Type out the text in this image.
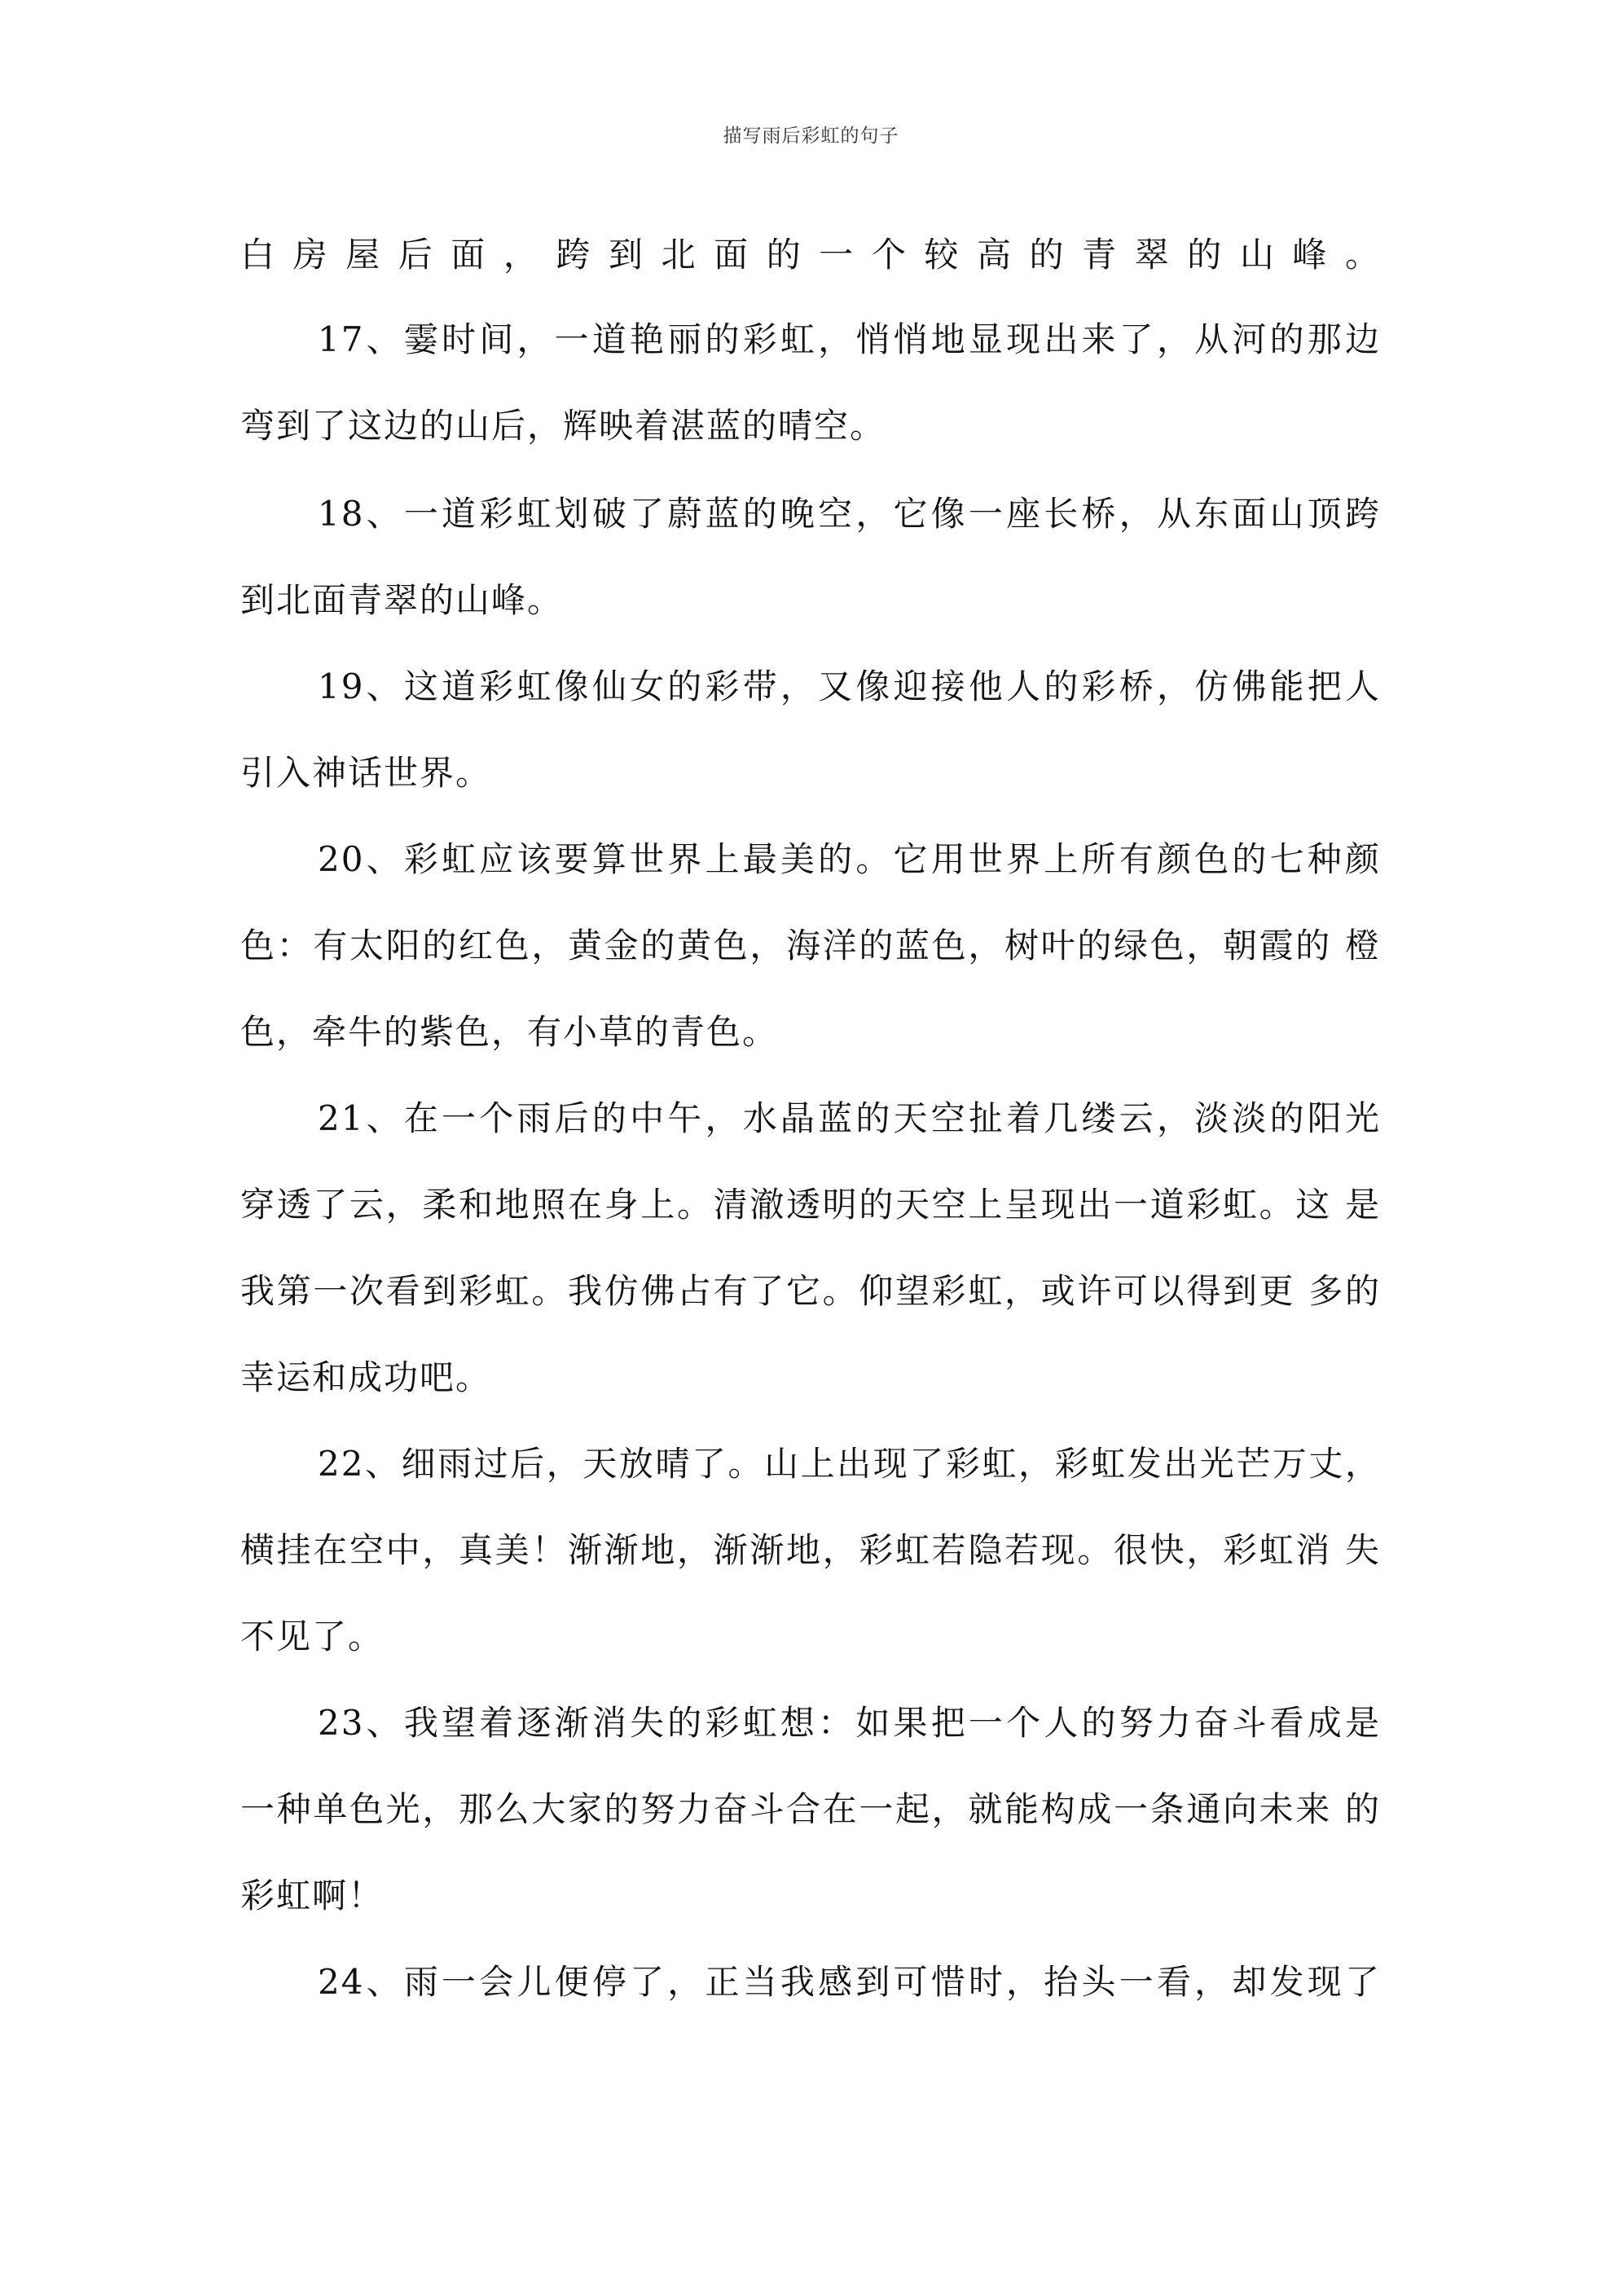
描写雨后彩虹的句子
白房屋后面，跨到北面的一个较高的青翠的山峰。
17、霎时间，一道艳丽的彩虹，悄悄地显现出来了，从河的那边
弯到了这边的山后，辉映着湛蓝的晴空。
18、一道彩虹划破了蔚蓝的晚空，它像一座长桥，从东面山顶跨
到北面青翠的山峰。
19、这道彩虹像仙女的彩带，又像迎接他人的彩桥，仿佛能把人
引入神话世界。
20、彩虹应该要算世界上最美的。它用世界上所有颜色的七种颜
色：有太阳的红色，黄金的黄色，海洋的蓝色，树叶的绿色，朝霞的 橙
色，牵牛的紫色，有小草的青色。
21、在一个雨后的中午，水晶蓝的天空扯着几缕云，淡淡的阳光
穿透了云，柔和地照在身上。清澈透明的天空上呈现出一道彩虹。这 是
我第一次看到彩虹。我仿佛占有了它。仰望彩虹，或许可以得到更 多的
幸运和成功吧。
22、细雨过后，天放晴了。山上出现了彩虹，彩虹发出光芒万丈，
横挂在空中，真美！渐渐地，渐渐地，彩虹若隐若现。很快，彩虹消 失
不见了。
23、我望着逐渐消失的彩虹想：如果把一个人的努力奋斗看成是
一种单色光，那么大家的努力奋斗合在一起，就能构成一条通向未来 的
彩虹啊！
24、雨一会儿便停了，正当我感到可惜时，抬头一看，却发现了
